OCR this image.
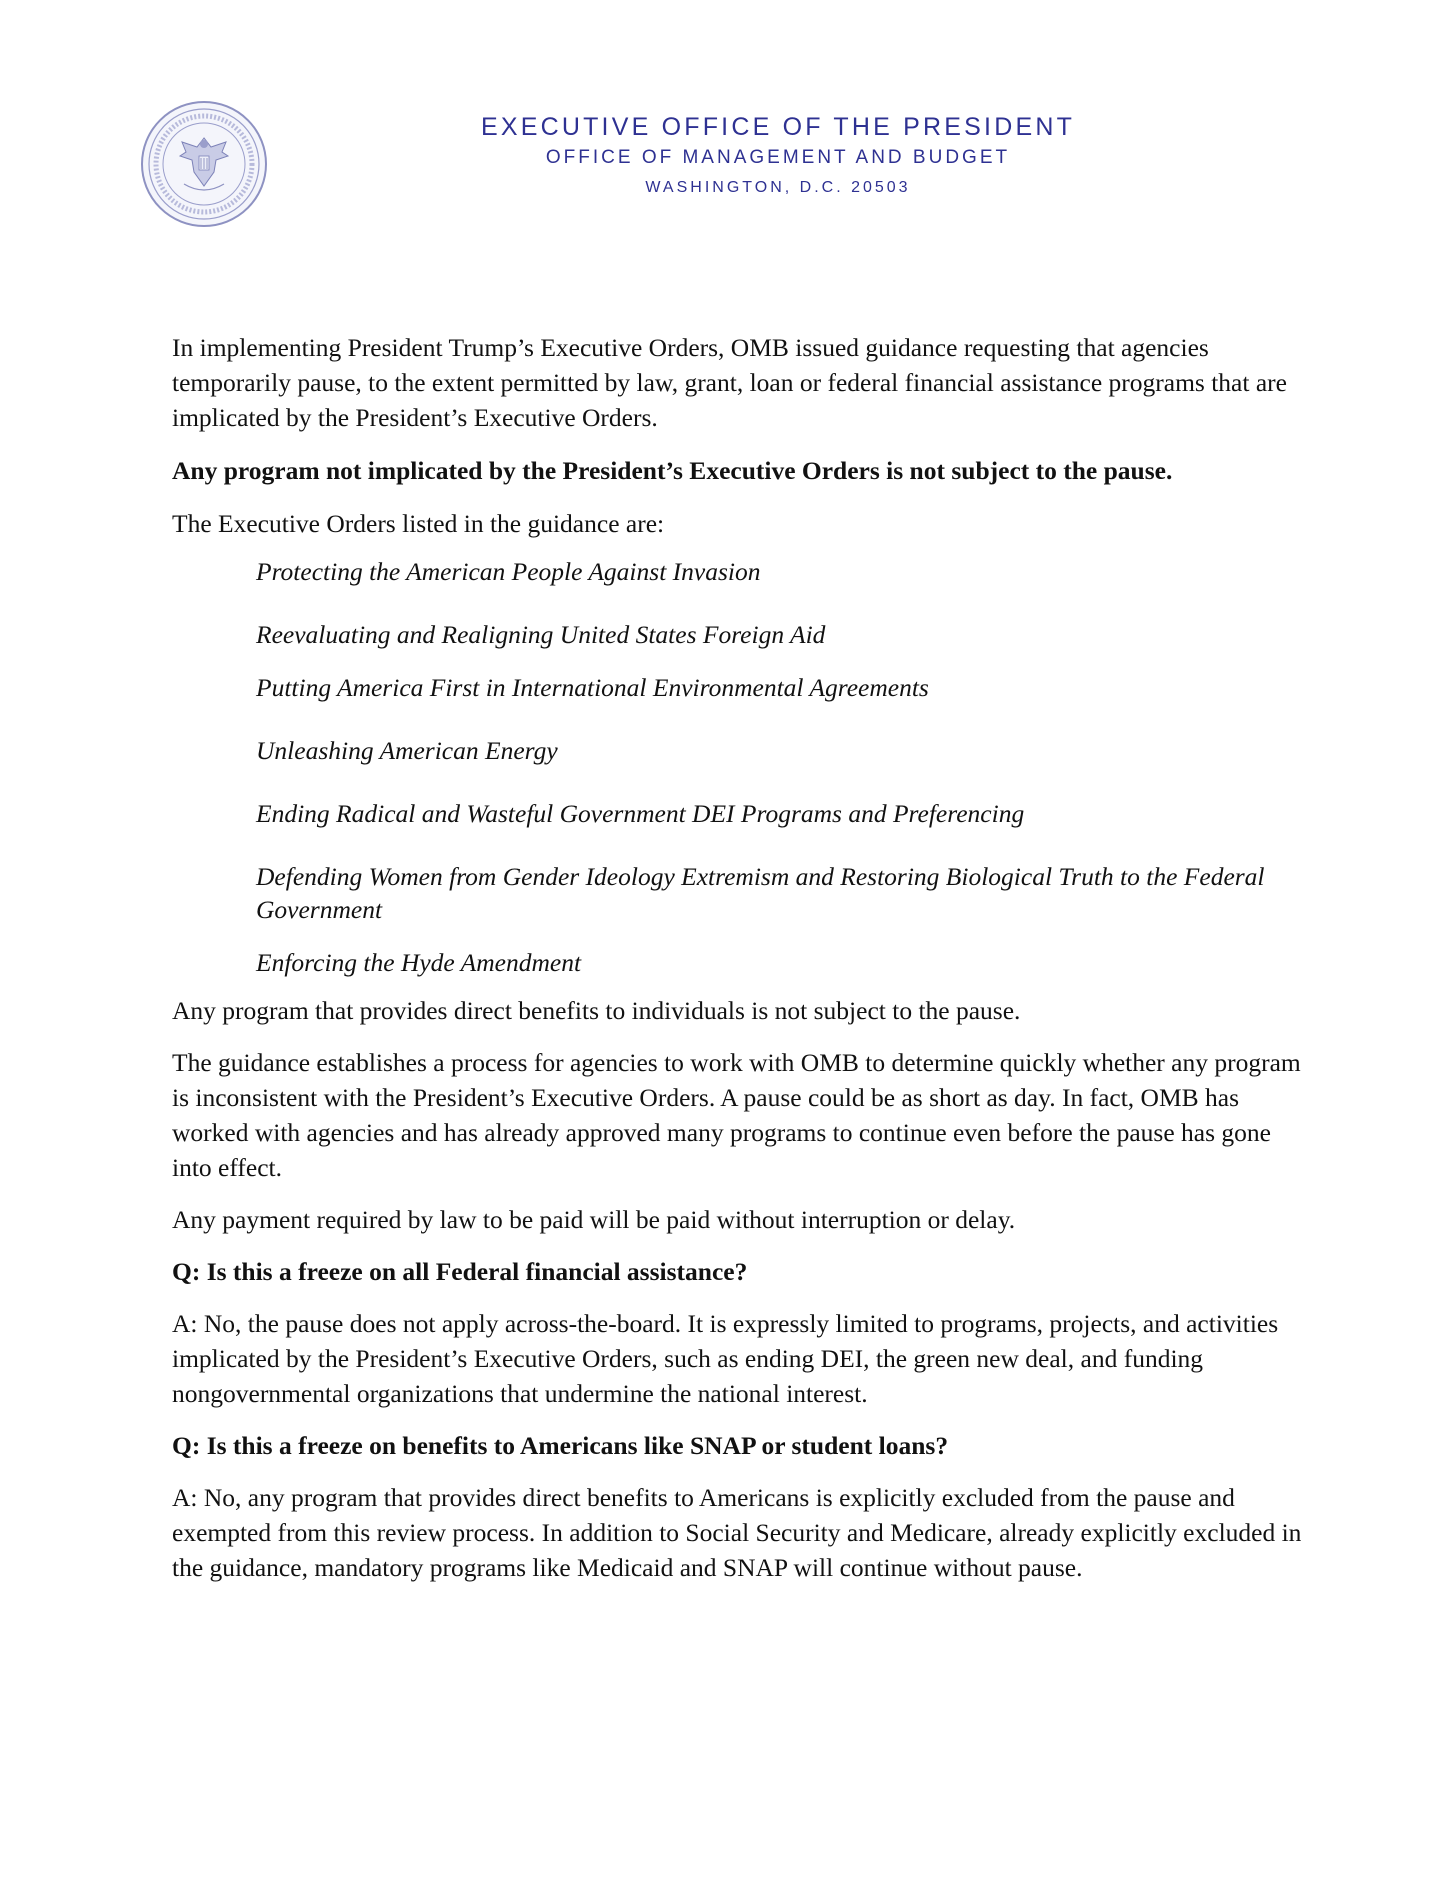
EXECUTIVE OFFICE OF THE PRESIDENT
OFFICE OF MANAGEMENT AND BUDGET
WASHINGTON, D.C. 20503

In implementing President Trump’s Executive Orders, OMB issued guidance requesting that agencies temporarily pause, to the extent permitted by law, grant, loan or federal financial assistance programs that are implicated by the President’s Executive Orders.

Any program not implicated by the President’s Executive Orders is not subject to the pause.

The Executive Orders listed in the guidance are:

Protecting the American People Against Invasion
Reevaluating and Realigning United States Foreign Aid
Putting America First in International Environmental Agreements
Unleashing American Energy
Ending Radical and Wasteful Government DEI Programs and Preferencing
Defending Women from Gender Ideology Extremism and Restoring Biological Truth to the Federal Government
Enforcing the Hyde Amendment

Any program that provides direct benefits to individuals is not subject to the pause.

The guidance establishes a process for agencies to work with OMB to determine quickly whether any program is inconsistent with the President’s Executive Orders. A pause could be as short as day. In fact, OMB has worked with agencies and has already approved many programs to continue even before the pause has gone into effect.

Any payment required by law to be paid will be paid without interruption or delay.

Q: Is this a freeze on all Federal financial assistance?

A: No, the pause does not apply across-the-board. It is expressly limited to programs, projects, and activities implicated by the President’s Executive Orders, such as ending DEI, the green new deal, and funding nongovernmental organizations that undermine the national interest.

Q: Is this a freeze on benefits to Americans like SNAP or student loans?

A: No, any program that provides direct benefits to Americans is explicitly excluded from the pause and exempted from this review process. In addition to Social Security and Medicare, already explicitly excluded in the guidance, mandatory programs like Medicaid and SNAP will continue without pause.
